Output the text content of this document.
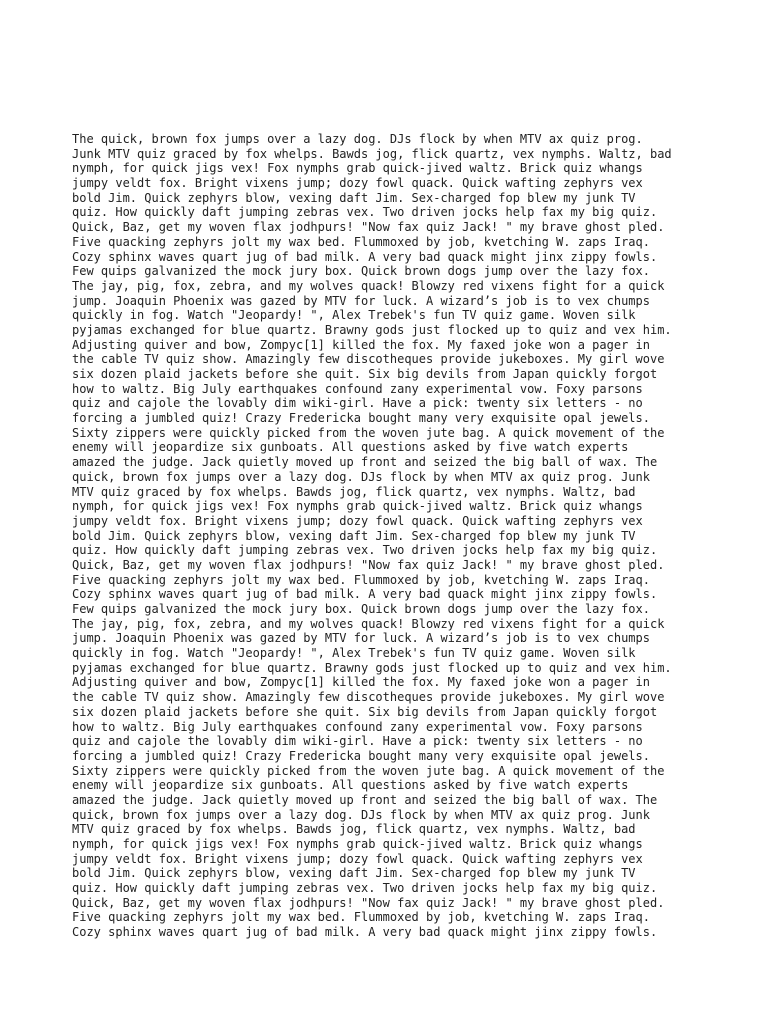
The quick, brown fox jumps over a lazy dog. DJs flock by when MTV ax quiz prog.
Junk MTV quiz graced by fox whelps. Bawds jog, flick quartz, vex nymphs. Waltz, bad
nymph, for quick jigs vex! Fox nymphs grab quick-jived waltz. Brick quiz whangs
jumpy veldt fox. Bright vixens jump; dozy fowl quack. Quick wafting zephyrs vex
bold Jim. Quick zephyrs blow, vexing daft Jim. Sex-charged fop blew my junk TV
quiz. How quickly daft jumping zebras vex. Two driven jocks help fax my big quiz.
Quick, Baz, get my woven flax jodhpurs! "Now fax quiz Jack! " my brave ghost pled.
Five quacking zephyrs jolt my wax bed. Flummoxed by job, kvetching W. zaps Iraq.
Cozy sphinx waves quart jug of bad milk. A very bad quack might jinx zippy fowls.
Few quips galvanized the mock jury box. Quick brown dogs jump over the lazy fox.
The jay, pig, fox, zebra, and my wolves quack! Blowzy red vixens fight for a quick
jump. Joaquin Phoenix was gazed by MTV for luck. A wizard’s job is to vex chumps
quickly in fog. Watch "Jeopardy! ", Alex Trebek's fun TV quiz game. Woven silk
pyjamas exchanged for blue quartz. Brawny gods just flocked up to quiz and vex him.
Adjusting quiver and bow, Zompyc[1] killed the fox. My faxed joke won a pager in
the cable TV quiz show. Amazingly few discotheques provide jukeboxes. My girl wove
six dozen plaid jackets before she quit. Six big devils from Japan quickly forgot
how to waltz. Big July earthquakes confound zany experimental vow. Foxy parsons
quiz and cajole the lovably dim wiki-girl. Have a pick: twenty six letters - no
forcing a jumbled quiz! Crazy Fredericka bought many very exquisite opal jewels.
Sixty zippers were quickly picked from the woven jute bag. A quick movement of the
enemy will jeopardize six gunboats. All questions asked by five watch experts
amazed the judge. Jack quietly moved up front and seized the big ball of wax. The
quick, brown fox jumps over a lazy dog. DJs flock by when MTV ax quiz prog. Junk
MTV quiz graced by fox whelps. Bawds jog, flick quartz, vex nymphs. Waltz, bad
nymph, for quick jigs vex! Fox nymphs grab quick-jived waltz. Brick quiz whangs
jumpy veldt fox. Bright vixens jump; dozy fowl quack. Quick wafting zephyrs vex
bold Jim. Quick zephyrs blow, vexing daft Jim. Sex-charged fop blew my junk TV
quiz. How quickly daft jumping zebras vex. Two driven jocks help fax my big quiz.
Quick, Baz, get my woven flax jodhpurs! "Now fax quiz Jack! " my brave ghost pled.
Five quacking zephyrs jolt my wax bed. Flummoxed by job, kvetching W. zaps Iraq.
Cozy sphinx waves quart jug of bad milk. A very bad quack might jinx zippy fowls.
Few quips galvanized the mock jury box. Quick brown dogs jump over the lazy fox.
The jay, pig, fox, zebra, and my wolves quack! Blowzy red vixens fight for a quick
jump. Joaquin Phoenix was gazed by MTV for luck. A wizard’s job is to vex chumps
quickly in fog. Watch "Jeopardy! ", Alex Trebek's fun TV quiz game. Woven silk
pyjamas exchanged for blue quartz. Brawny gods just flocked up to quiz and vex him.
Adjusting quiver and bow, Zompyc[1] killed the fox. My faxed joke won a pager in
the cable TV quiz show. Amazingly few discotheques provide jukeboxes. My girl wove
six dozen plaid jackets before she quit. Six big devils from Japan quickly forgot
how to waltz. Big July earthquakes confound zany experimental vow. Foxy parsons
quiz and cajole the lovably dim wiki-girl. Have a pick: twenty six letters - no
forcing a jumbled quiz! Crazy Fredericka bought many very exquisite opal jewels.
Sixty zippers were quickly picked from the woven jute bag. A quick movement of the
enemy will jeopardize six gunboats. All questions asked by five watch experts
amazed the judge. Jack quietly moved up front and seized the big ball of wax. The
quick, brown fox jumps over a lazy dog. DJs flock by when MTV ax quiz prog. Junk
MTV quiz graced by fox whelps. Bawds jog, flick quartz, vex nymphs. Waltz, bad
nymph, for quick jigs vex! Fox nymphs grab quick-jived waltz. Brick quiz whangs
jumpy veldt fox. Bright vixens jump; dozy fowl quack. Quick wafting zephyrs vex
bold Jim. Quick zephyrs blow, vexing daft Jim. Sex-charged fop blew my junk TV
quiz. How quickly daft jumping zebras vex. Two driven jocks help fax my big quiz.
Quick, Baz, get my woven flax jodhpurs! "Now fax quiz Jack! " my brave ghost pled.
Five quacking zephyrs jolt my wax bed. Flummoxed by job, kvetching W. zaps Iraq.
Cozy sphinx waves quart jug of bad milk. A very bad quack might jinx zippy fowls.
